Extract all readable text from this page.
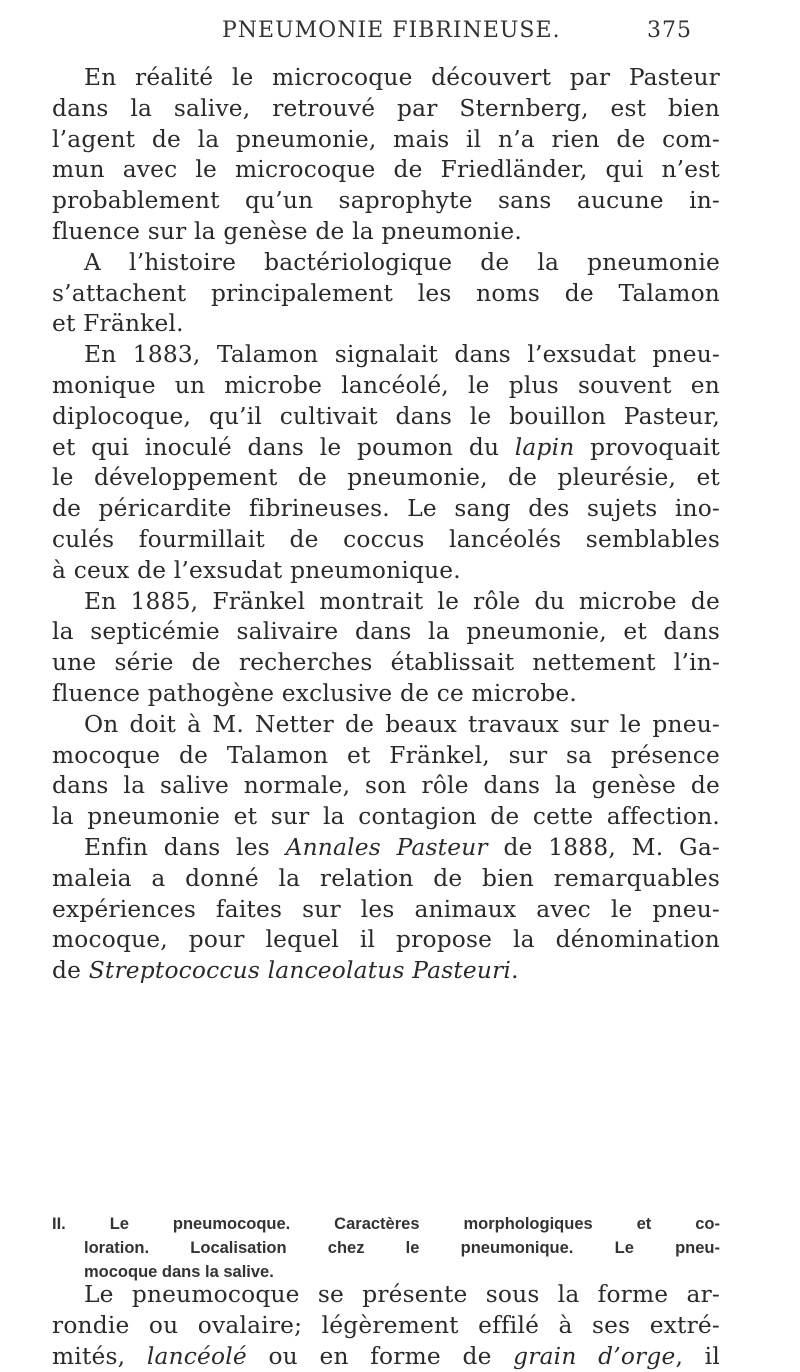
PNEUMONIE FIBRINEUSE.	375
En réalité le microcoque découvert par Pasteur
dans la salive, retrouvé par Sternberg, est bien
l’agent de la pneumonie, mais il n’a rien de com-
mun avec le microcoque de Friedländer, qui n’est
probablement qu’un saprophyte sans aucune in-
fluence sur la genèse de la pneumonie.
A l’histoire bactériologique de la pneumonie
s’attachent principalement les noms de Talamon
et Fränkel.
En 1883, Talamon signalait dans l’exsudat pneu-
monique un microbe lancéolé, le plus souvent en
diplocoque, qu’il cultivait dans le bouillon Pasteur,
et qui inoculé dans le poumon du lapin provoquait
le développement de pneumonie, de pleurésie, et
de péricardite fibrineuses. Le sang des sujets ino-
culés fourmillait de coccus lancéolés semblables
à ceux de l’exsudat pneumonique.
En 1885, Fränkel montrait le rôle du microbe de
la septicémie salivaire dans la pneumonie, et dans
une série de recherches établissait nettement l’in-
fluence pathogène exclusive de ce microbe.
On doit à M. Netter de beaux travaux sur le pneu-
mocoque de Talamon et Fränkel, sur sa présence
dans la salive normale, son rôle dans la genèse de
la pneumonie et sur la contagion de cette affection.
Enfin dans les Annales Pasteur de 1888, M. Ga-
maleia a donné la relation de bien remarquables
expériences faites sur les animaux avec le pneu-
mocoque, pour lequel il propose la dénomination
de Streptococcus lanceolatus Pasteuri.
II. Le pneumocoque. Caractères morphologiques et co-
loration. Localisation chez le pneumonique. Le pneu-
mocoque dans la salive.
Le pneumocoque se présente sous la forme ar-
rondie ou ovalaire; légèrement effilé à ses extré-
mités, lancéolé ou en forme de grain d’orge, il
